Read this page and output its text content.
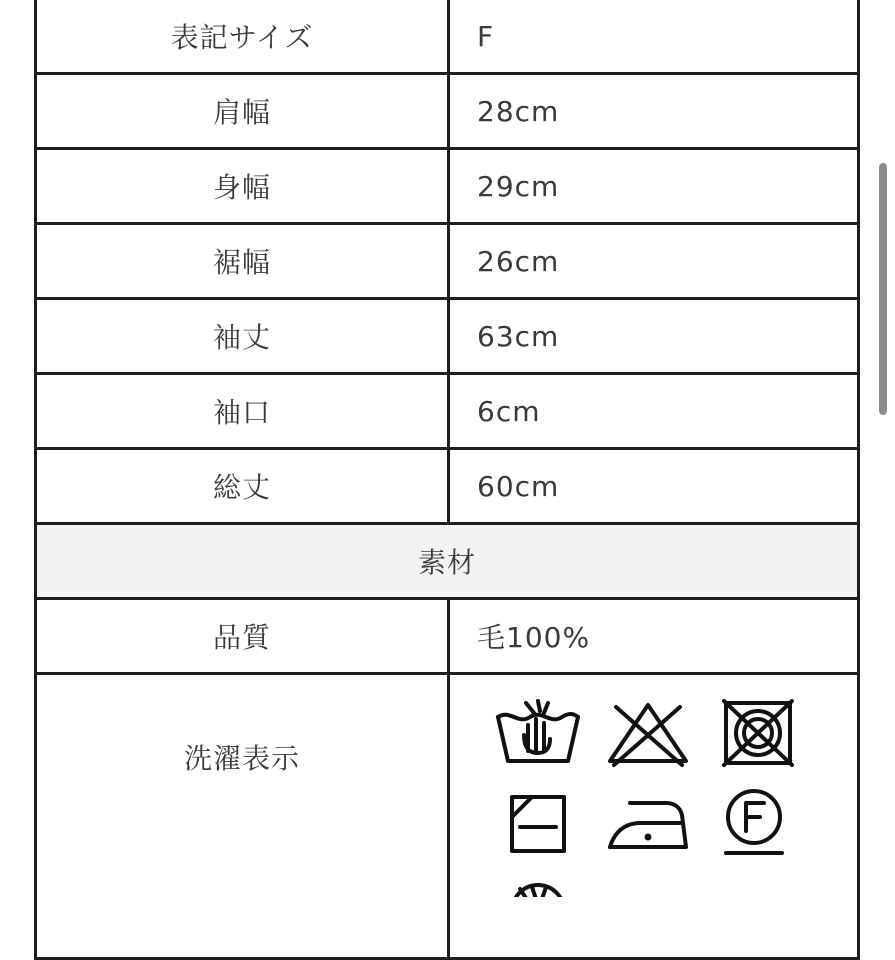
表記サイズ	F
肩幅	28cm
身幅	29cm
裾幅	26cm
袖丈	63cm
袖口	6cm
総丈	60cm
素材	
品質	毛100%
洗濯表示	
